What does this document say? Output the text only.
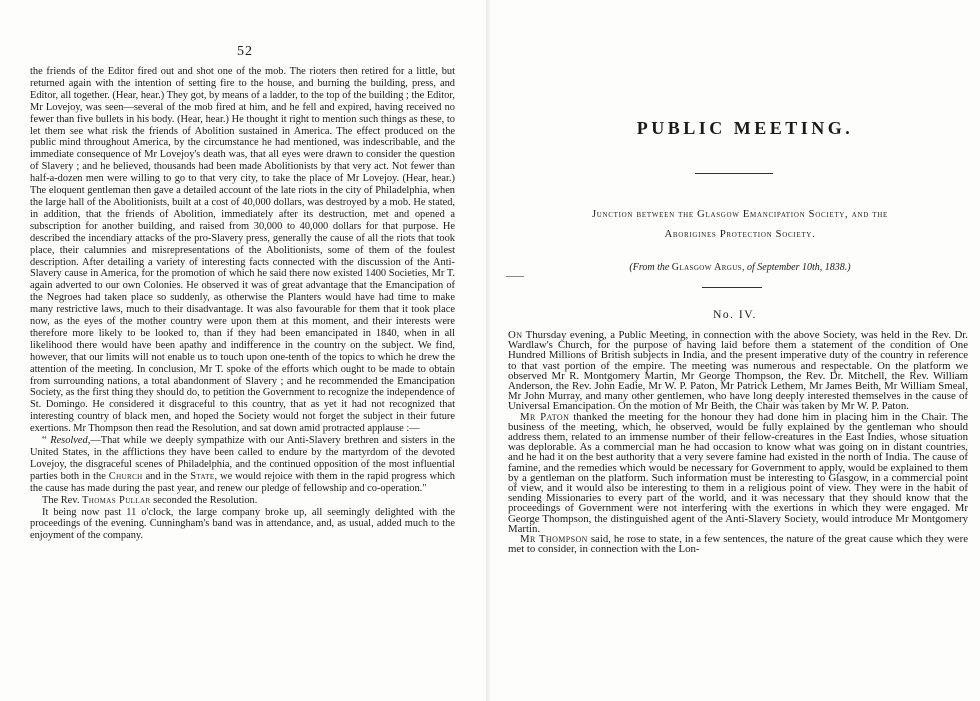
52

the friends of the Editor fired out and shot one of the mob. The rioters then retired for a little, but returned again with the intention of setting fire to the house, and burning the building, press, and Editor, all together. (Hear, hear.) They got, by means of a ladder, to the top of the building ; the Editor, Mr Lovejoy, was seen—several of the mob fired at him, and he fell and expired, having received no fewer than five bullets in his body. (Hear, hear.) He thought it right to mention such things as these, to let them see what risk the friends of Abolition sustained in America. The effect produced on the public mind throughout America, by the circumstance he had mentioned, was indescribable, and the immediate consequence of Mr Lovejoy's death was, that all eyes were drawn to consider the question of Slavery ; and he believed, thousands had been made Abolitionists by that very act. Not fewer than half-a-dozen men were willing to go to that very city, to take the place of Mr Lovejoy. (Hear, hear.) The eloquent gentleman then gave a detailed account of the late riots in the city of Philadelphia, when the large hall of the Abolitionists, built at a cost of 40,000 dollars, was destroyed by a mob. He stated, in addition, that the friends of Abolition, immediately after its destruction, met and opened a subscription for another building, and raised from 30,000 to 40,000 dollars for that purpose. He described the incendiary attacks of the pro-Slavery press, generally the cause of all the riots that took place, their calumnies and misrepresentations of the Abolitionists, some of them of the foulest description. After detailing a variety of interesting facts connected with the discussion of the Anti-Slavery cause in America, for the promotion of which he said there now existed 1400 Societies, Mr T. again adverted to our own Colonies. He observed it was of great advantage that the Emancipation of the Negroes had taken place so suddenly, as otherwise the Planters would have had time to make many restrictive laws, much to their disadvantage. It was also favourable for them that it took place now, as the eyes of the mother country were upon them at this moment, and their interests were therefore more likely to be looked to, than if they had been emancipated in 1840, when in all likelihood there would have been apathy and indifference in the country on the subject. We find, however, that our limits will not enable us to touch upon one-tenth of the topics to which he drew the attention of the meeting. In conclusion, Mr T. spoke of the efforts which ought to be made to obtain from surrounding nations, a total abandonment of Slavery ; and he recommended the Emancipation Society, as the first thing they should do, to petition the Government to recognize the independence of St. Domingo. He considered it disgraceful to this country, that as yet it had not recognized that interesting country of black men, and hoped the Society would not forget the subject in their future exertions. Mr Thompson then read the Resolution, and sat down amid protracted applause :—

“ Resolved,—That while we deeply sympathize with our Anti-Slavery brethren and sisters in the United States, in the afflictions they have been called to endure by the martyrdom of the devoted Lovejoy, the disgraceful scenes of Philadelphia, and the continued opposition of the most influential parties both in the Church and in the State, we would rejoice with them in the rapid progress which the cause has made during the past year, and renew our pledge of fellowship and co-operation."

The Rev. Thomas Pullar seconded the Resolution.

It being now past 11 o'clock, the large company broke up, all seemingly delighted with the proceedings of the evening. Cunningham's band was in attendance, and, as usual, added much to the enjoyment of the company.

PUBLIC MEETING.
Junction between the Glasgow Emancipation Society, and the
Aborigines Protection Society.
(From the Glasgow Argus, of September 10th, 1838.)
No. IV.

On Thursday evening, a Public Meeting, in connection with the above Society, was held in the Rev. Dr. Wardlaw's Church, for the purpose of having laid before them a statement of the condition of One Hundred Millions of British subjects in India, and the present imperative duty of the country in reference to that vast portion of the empire. The meeting was numerous and respectable. On the platform we observed Mr R. Montgomery Martin, Mr George Thompson, the Rev. Dr. Mitchell, the Rev. William Anderson, the Rev. John Eadie, Mr W. P. Paton, Mr Patrick Lethem, Mr James Beith, Mr William Smeal, Mr John Murray, and many other gentlemen, who have long deeply interested themselves in the cause of Universal Emancipation. On the motion of Mr Beith, the Chair was taken by Mr W. P. Paton.

Mr Paton thanked the meeting for the honour they had done him in placing him in the Chair. The business of the meeting, which, he observed, would be fully explained by the gentleman who should address them, related to an immense number of their fellow-creatures in the East Indies, whose situation was deplorable. As a commercial man he had occasion to know what was going on in distant countries, and he had it on the best authority that a very severe famine had existed in the north of India. The cause of famine, and the remedies which would be necessary for Government to apply, would be explained to them by a gentleman on the platform. Such information must be interesting to Glasgow, in a commercial point of view, and it would also be interesting to them in a religious point of view. They were in the habit of sending Missionaries to every part of the world, and it was necessary that they should know that the proceedings of Government were not interfering with the exertions in which they were engaged. Mr George Thompson, the distinguished agent of the Anti-Slavery Society, would introduce Mr Montgomery Martin.

Mr Thompson said, he rose to state, in a few sentences, the nature of the great cause which they were met to consider, in connection with the Lon-
